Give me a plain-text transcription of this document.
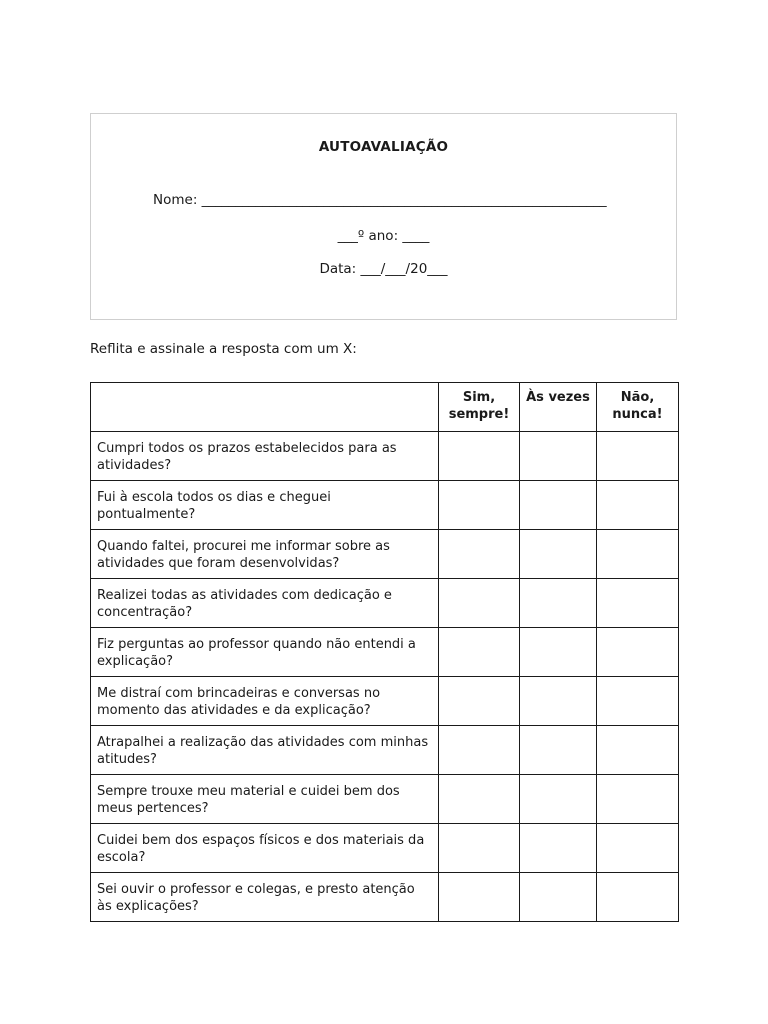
AUTOAVALIAÇÃO
Nome: ____________________________________________________________
___º ano: ____
Data: ___/___/20___
Reflita e assinale a resposta com um X:
	Sim, sempre!	Às vezes	Não, nunca!
Cumpri todos os prazos estabelecidos para as atividades?			
Fui à escola todos os dias e cheguei pontualmente?			
Quando faltei, procurei me informar sobre as atividades que foram desenvolvidas?			
Realizei todas as atividades com dedicação e concentração?			
Fiz perguntas ao professor quando não entendi a explicação?			
Me distraí com brincadeiras e conversas no momento das atividades e da explicação?			
Atrapalhei a realização das atividades com minhas atitudes?			
Sempre trouxe meu material e cuidei bem dos meus pertences?			
Cuidei bem dos espaços físicos e dos materiais da escola?			
Sei ouvir o professor e colegas, e presto atenção às explicações?			
